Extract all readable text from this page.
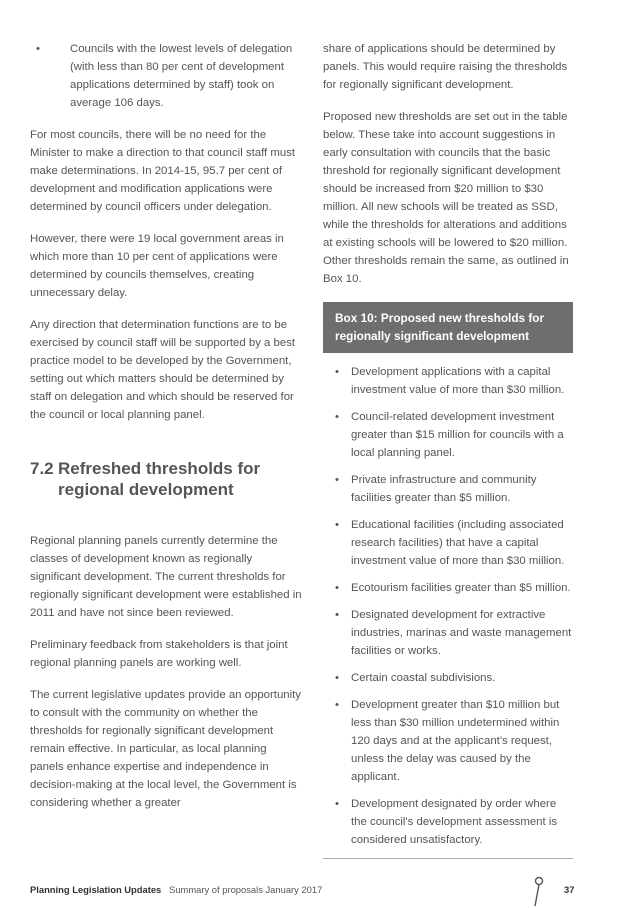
• Councils with the lowest levels of delegation (with less than 80 per cent of development applications determined by staff) took on average 106 days.

For most councils, there will be no need for the Minister to make a direction to that council staff must make determinations. In 2014-15, 95.7 per cent of development and modification applications were determined by council officers under delegation.

However, there were 19 local government areas in which more than 10 per cent of applications were determined by councils themselves, creating unnecessary delay.

Any direction that determination functions are to be exercised by council staff will be supported by a best practice model to be developed by the Government, setting out which matters should be determined by staff on delegation and which should be reserved for the council or local planning panel.

7.2 Refreshed thresholds for regional development

Regional planning panels currently determine the classes of development known as regionally significant development. The current thresholds for regionally significant development were established in 2011 and have not since been reviewed.

Preliminary feedback from stakeholders is that joint regional planning panels are working well.

The current legislative updates provide an opportunity to consult with the community on whether the thresholds for regionally significant development remain effective. In particular, as local planning panels enhance expertise and independence in decision-making at the local level, the Government is considering whether a greater

share of applications should be determined by panels. This would require raising the thresholds for regionally significant development.

Proposed new thresholds are set out in the table below. These take into account suggestions in early consultation with councils that the basic threshold for regionally significant development should be increased from $20 million to $30 million. All new schools will be treated as SSD, while the thresholds for alterations and additions at existing schools will be lowered to $20 million. Other thresholds remain the same, as outlined in Box 10.

Box 10: Proposed new thresholds for regionally significant development
• Development applications with a capital investment value of more than $30 million.
• Council-related development investment greater than $15 million for councils with a local planning panel.
• Private infrastructure and community facilities greater than $5 million.
• Educational facilities (including associated research facilities) that have a capital investment value of more than $30 million.
• Ecotourism facilities greater than $5 million.
• Designated development for extractive industries, marinas and waste management facilities or works.
• Certain coastal subdivisions.
• Development greater than $10 million but less than $30 million undetermined within 120 days and at the applicant's request, unless the delay was caused by the applicant.
• Development designated by order where the council's development assessment is considered unsatisfactory.
Planning Legislation Updates Summary of proposals January 2017	37
